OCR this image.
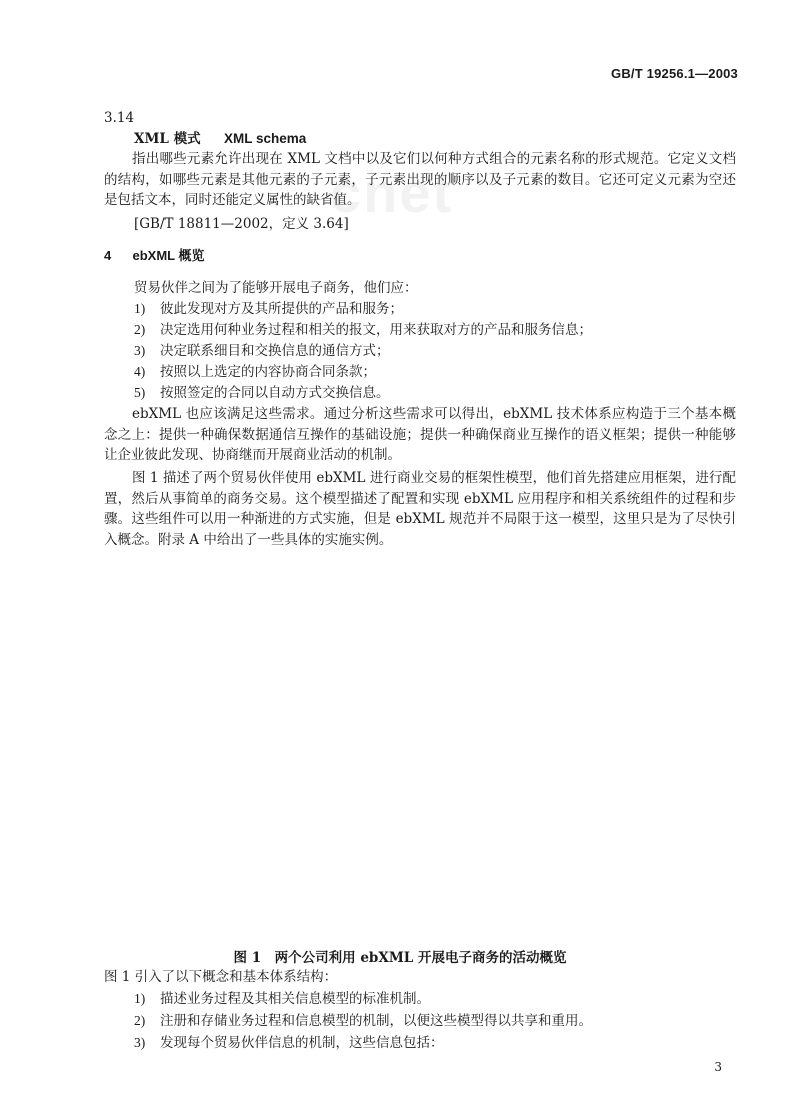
cnet
GB/T 19256.1—2003
3.14
XML 模式 XML schema
指出哪些元素允许出现在 XML 文档中以及它们以何种方式组合的元素名称的形式规范。它定义文档的结构，如哪些元素是其他元素的子元素，子元素出现的顺序以及子元素的数目。它还可定义元素为空还是包括文本，同时还能定义属性的缺省值。
[GB/T 18811—2002，定义 3.64]
4 ebXML 概览
贸易伙伴之间为了能够开展电子商务，他们应：
1) 彼此发现对方及其所提供的产品和服务；
2) 决定选用何种业务过程和相关的报文，用来获取对方的产品和服务信息；
3) 决定联系细目和交换信息的通信方式；
4) 按照以上选定的内容协商合同条款；
5) 按照签定的合同以自动方式交换信息。
ebXML 也应该满足这些需求。通过分析这些需求可以得出，ebXML 技术体系应构造于三个基本概念之上：提供一种确保数据通信互操作的基础设施；提供一种确保商业互操作的语义框架；提供一种能够让企业彼此发现、协商继而开展商业活动的机制。
图 1 描述了两个贸易伙伴使用 ebXML 进行商业交易的框架性模型，他们首先搭建应用框架，进行配置，然后从事简单的商务交易。这个模型描述了配置和实现 ebXML 应用程序和相关系统组件的过程和步骤。这些组件可以用一种渐进的方式实施，但是 ebXML 规范并不局限于这一模型，这里只是为了尽快引入概念。附录 A 中给出了一些具体的实施实例。
图 1　两个公司利用 ebXML 开展电子商务的活动概览
图 1 引入了以下概念和基本体系结构：
1) 描述业务过程及其相关信息模型的标准机制。
2) 注册和存储业务过程和信息模型的机制，以便这些模型得以共享和重用。
3) 发现每个贸易伙伴信息的机制，这些信息包括：
3
